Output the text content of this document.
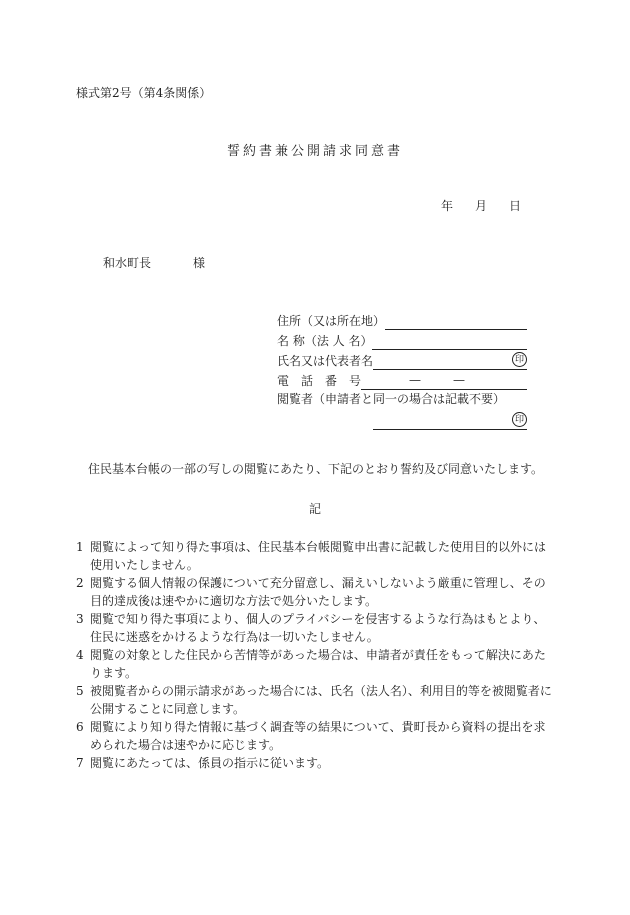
様式第2号（第4条関係）
誓約書兼公開請求同意書
年 月 日
和水町長	様
住所（又は所在地）
名 称（法 人 名）
氏名又は代表者名	印
電　話　番　号	—	—
閲覧者（申請者と同一の場合は記載不要）
印
住民基本台帳の一部の写しの閲覧にあたり、下記のとおり誓約及び同意いたします。
記
1 閲覧によって知り得た事項は、住民基本台帳閲覧申出書に記載した使用目的以外には使用いたしません。
2 閲覧する個人情報の保護について充分留意し、漏えいしないよう厳重に管理し、その目的達成後は速やかに適切な方法で処分いたします。
3 閲覧で知り得た事項により、個人のプライバシーを侵害するような行為はもとより、住民に迷惑をかけるような行為は一切いたしません。
4 閲覧の対象とした住民から苦情等があった場合は、申請者が責任をもって解決にあたります。
5 被閲覧者からの開示請求があった場合には、氏名（法人名）、利用目的等を被閲覧者に公開することに同意します。
6 閲覧により知り得た情報に基づく調査等の結果について、貴町長から資料の提出を求められた場合は速やかに応じます。
7 閲覧にあたっては、係員の指示に従います。
